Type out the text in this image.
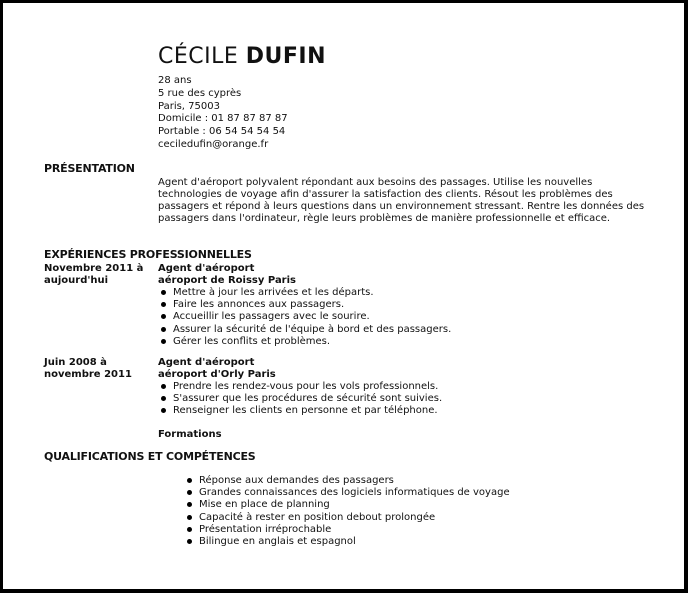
CÉCILE DUFIN
28 ans
5 rue des cyprès
Paris, 75003
Domicile : 01 87 87 87 87
Portable : 06 54 54 54 54
ceciledufin@orange.fr
PRÉSENTATION
Agent d'aéroport polyvalent répondant aux besoins des passages. Utilise les nouvelles technologies de voyage afin d'assurer la satisfaction des clients. Résout les problèmes des passagers et répond à leurs questions dans un environnement stressant. Rentre les données des passagers dans l'ordinateur, règle leurs problèmes de manière professionnelle et efficace.
EXPÉRIENCES PROFESSIONNELLES
Novembre 2011 à aujourd'hui
Agent d'aéroport
aéroport de Roissy Paris
Mettre à jour les arrivées et les départs.
Faire les annonces aux passagers.
Accueillir les passagers avec le sourire.
Assurer la sécurité de l'équipe à bord et des passagers.
Gérer les conflits et problèmes.
Juin 2008 à novembre 2011
Agent d'aéroport
aéroport d'Orly Paris
Prendre les rendez-vous pour les vols professionnels.
S'assurer que les procédures de sécurité sont suivies.
Renseigner les clients en personne et par téléphone.
Formations
QUALIFICATIONS ET COMPÉTENCES
Réponse aux demandes des passagers
Grandes connaissances des logiciels informatiques de voyage
Mise en place de planning
Capacité à rester en position debout prolongée
Présentation irréprochable
Bilingue en anglais et espagnol
